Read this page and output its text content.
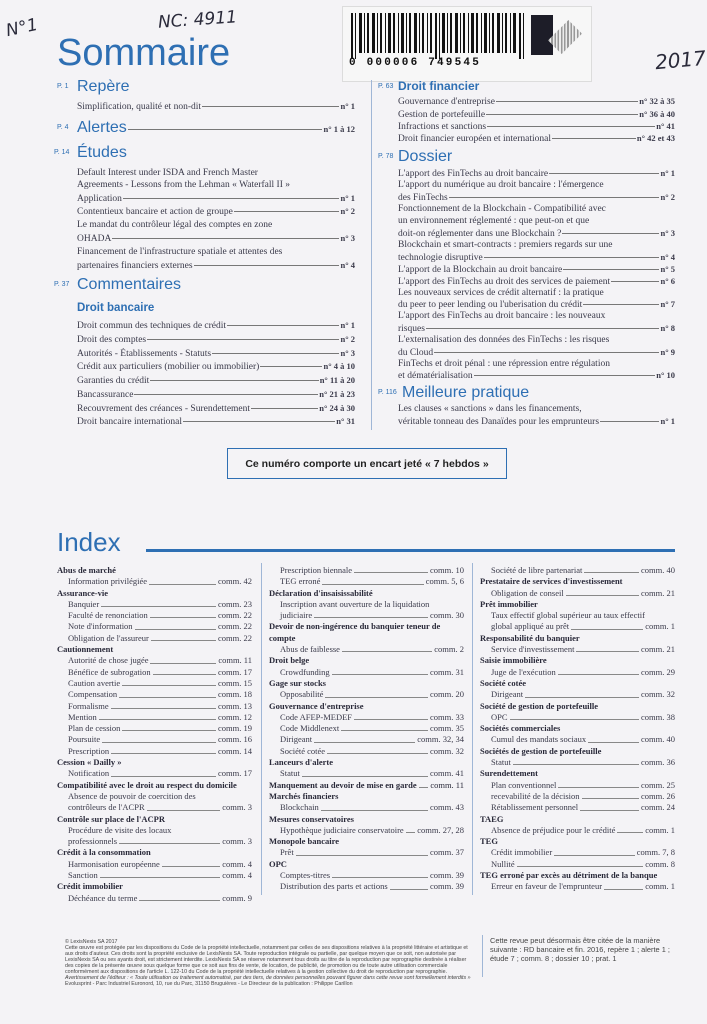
N°1	NC: 4911
2017
0 000006 749545
Sommaire
P. 1 Repère
Simplification, qualité et non-dit	n° 1
P. 4 Alertes	n° 1 à 12
P. 14 Études
Default Interest under ISDA and French Master
Agreements - Lessons from the Lehman « Waterfall II »
Application	n° 1
Contentieux bancaire et action de groupe	n° 2
Le mandat du contrôleur légal des comptes en zone
OHADA	n° 3
Financement de l'infrastructure spatiale et attentes des
partenaires financiers externes	n° 4
P. 37 Commentaires
Droit bancaire
Droit commun des techniques de crédit	n° 1
Droit des comptes	n° 2
Autorités - Établissements - Statuts	n° 3
Crédit aux particuliers (mobilier ou immobilier)	n° 4 à 10
Garanties du crédit	n° 11 à 20
Bancassurance	n° 21 à 23
Recouvrement des créances - Surendettement	n° 24 à 30
Droit bancaire international	n° 31
P. 63 Droit financier
Gouvernance d'entreprise	n° 32 à 35
Gestion de portefeuille	n° 36 à 40
Infractions et sanctions	n° 41
Droit financier européen et international	n° 42 et 43
P. 78 Dossier
L'apport des FinTechs au droit bancaire	n° 1
L'apport du numérique au droit bancaire : l'émergence
des FinTechs	n° 2
Fonctionnement de la Blockchain - Compatibilité avec
un environnement réglementé : que peut-on et que
doit-on réglementer dans une Blockchain ?	n° 3
Blockchain et smart-contracts : premiers regards sur une
technologie disruptive	n° 4
L'apport de la Blockchain au droit bancaire	n° 5
L'apport des FinTechs au droit des services de paiement	n° 6
Les nouveaux services de crédit alternatif : la pratique
du peer to peer lending ou l'uberisation du crédit	n° 7
L'apport des FinTechs au droit bancaire : les nouveaux
risques	n° 8
L'externalisation des données des FinTechs : les risques
du Cloud	n° 9
FinTechs et droit pénal : une répression entre régulation
et dématérialisation	n° 10
P. 116 Meilleure pratique
Les clauses « sanctions » dans les financements,
véritable tonneau des Danaïdes pour les emprunteurs	n° 1
Ce numéro comporte un encart jeté « 7 hebdos »
Index
Abus de marché
Information privilégiée	comm. 42
Assurance-vie
Banquier	comm. 23
Faculté de renonciation	comm. 22
Note d'information	comm. 22
Obligation de l'assureur	comm. 22
Cautionnement
Autorité de chose jugée	comm. 11
Bénéfice de subrogation	comm. 17
Caution avertie	comm. 15
Compensation	comm. 18
Formalisme	comm. 13
Mention	comm. 12
Plan de cession	comm. 19
Poursuite	comm. 16
Prescription	comm. 14
Cession « Dailly »
Notification	comm. 17
Compatibilité avec le droit au respect du domicile
Absence de pouvoir de coercition des
contrôleurs de l'ACPR	comm. 3
Contrôle sur place de l'ACPR
Procédure de visite des locaux
professionnels	comm. 3
Crédit à la consommation
Harmonisation européenne	comm. 4
Sanction	comm. 4
Crédit immobilier
Déchéance du terme	comm. 9
Prescription biennale	comm. 10
TEG erroné	comm. 5, 6
Déclaration d'insaisissabilité
Inscription avant ouverture de la liquidation
judiciaire	comm. 30
Devoir de non-ingérence du banquier teneur de compte
Abus de faiblesse	comm. 2
Droit belge
Crowdfunding	comm. 31
Gage sur stocks
Opposabilité	comm. 20
Gouvernance d'entreprise
Code AFEP-MEDEF	comm. 33
Code Middlenext	comm. 35
Dirigeant	comm. 32, 34
Société cotée	comm. 32
Lanceurs d'alerte
Statut	comm. 41
Manquement au devoir de mise en garde comm. 11
Marchés financiers
Blockchain	comm. 43
Mesures conservatoires
Hypothèque judiciaire conservatoire comm. 27, 28
Monopole bancaire
Prêt	comm. 37
OPC
Comptes-titres	comm. 39
Distribution des parts et actions	comm. 39
Société de libre partenariat	comm. 40
Prestataire de services d'investissement
Obligation de conseil	comm. 21
Prêt immobilier
Taux effectif global supérieur au taux effectif
global appliqué au prêt	comm. 1
Responsabilité du banquier
Service d'investissement	comm. 21
Saisie immobilière
Juge de l'exécution	comm. 29
Société cotée
Dirigeant	comm. 32
Société de gestion de portefeuille
OPC	comm. 38
Sociétés commerciales
Cumul des mandats sociaux	comm. 40
Sociétés de gestion de portefeuille
Statut	comm. 36
Surendettement
Plan conventionnel	comm. 25
recevabilité de la décision	comm. 26
Rétablissement personnel	comm. 24
TAEG
Absence de préjudice pour le crédité	comm. 1
TEG
Crédit immobilier	comm. 7, 8
Nullité	comm. 8
TEG erroné par excès au détriment de la banque
Erreur en faveur de l'emprunteur	comm. 1
© LexisNexis SA 2017
Cette œuvre est protégée par les dispositions du Code de la propriété intellectuelle, notamment par celles de ses dispositions relatives à la propriété littéraire et artistique et aux droits d'auteur. Ces droits sont la propriété exclusive de LexisNexis SA. Toute reproduction intégrale ou partielle, par quelque moyen que ce soit, non autorisée par LexisNexis SA ou ses ayants droit, est strictement interdite. LexisNexis SA se réserve notamment tous droits au titre de la reproduction par reprographie destinée à réaliser des copies de la présente œuvre sous quelque forme que ce soit aux fins de vente, de location, de publicité, de promotion ou de toute autre utilisation commerciale conformément aux dispositions de l'article L. 122-10 du Code de la propriété intellectuelle relatives à la gestion collective du droit de reproduction par reprographie.
Avertissement de l'éditeur : « Toute utilisation ou traitement automatisé, par des tiers, de données personnelles pouvant figurer dans cette revue sont formellement interdits »
Evolusprint - Parc Industriel Euronord, 10, rue du Parc, 31150 Bruguières - Le Directeur de la publication : Philippe Carillon
Cette revue peut désormais être citée de la manière suivante : RD bancaire et fin. 2016, repère 1 ; alerte 1 ; étude 7 ; comm. 8 ; dossier 10 ; prat. 1
